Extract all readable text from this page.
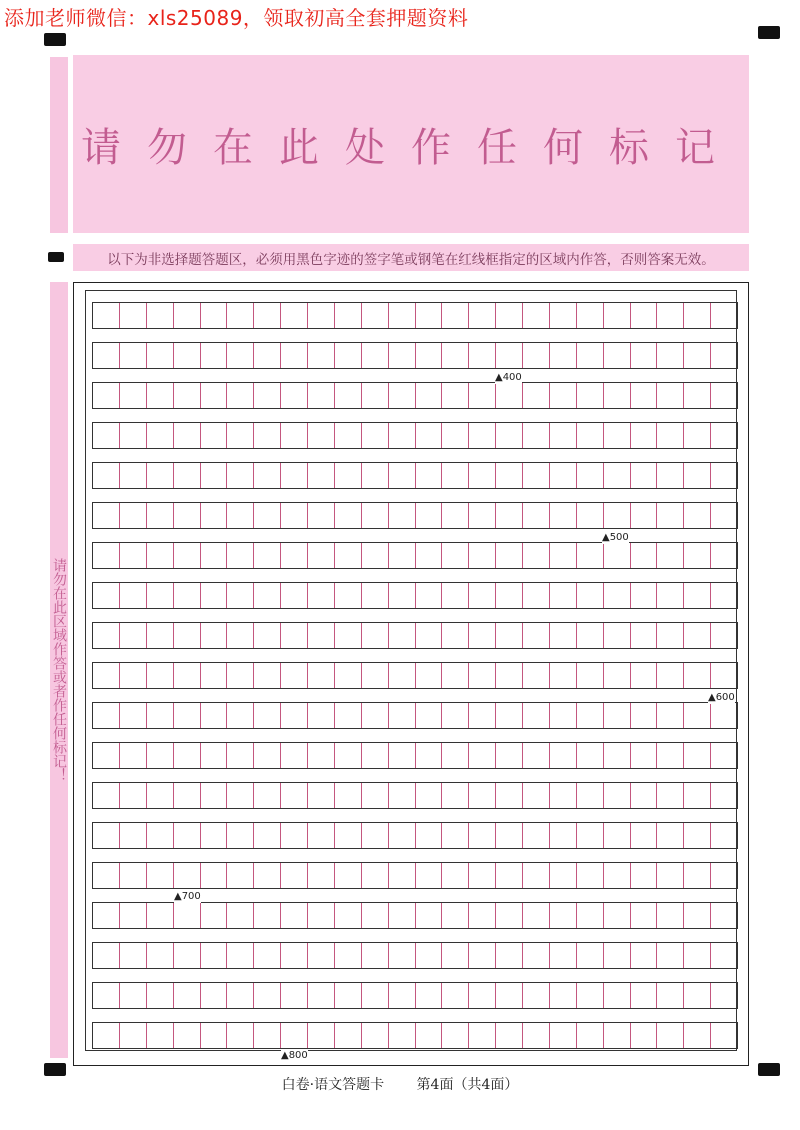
添加老师微信：xls25089，领取初高全套押题资料
请勿在此处作任何标记
以下为非选择题答题区，必须用黑色字迹的签字笔或钢笔在红线框指定的区域内作答，否则答案无效。
请勿在此区域作答或者作任何标记！
▲400
▲500
▲600
▲700
▲800
白卷·语文答题卡 第4面（共4面）
